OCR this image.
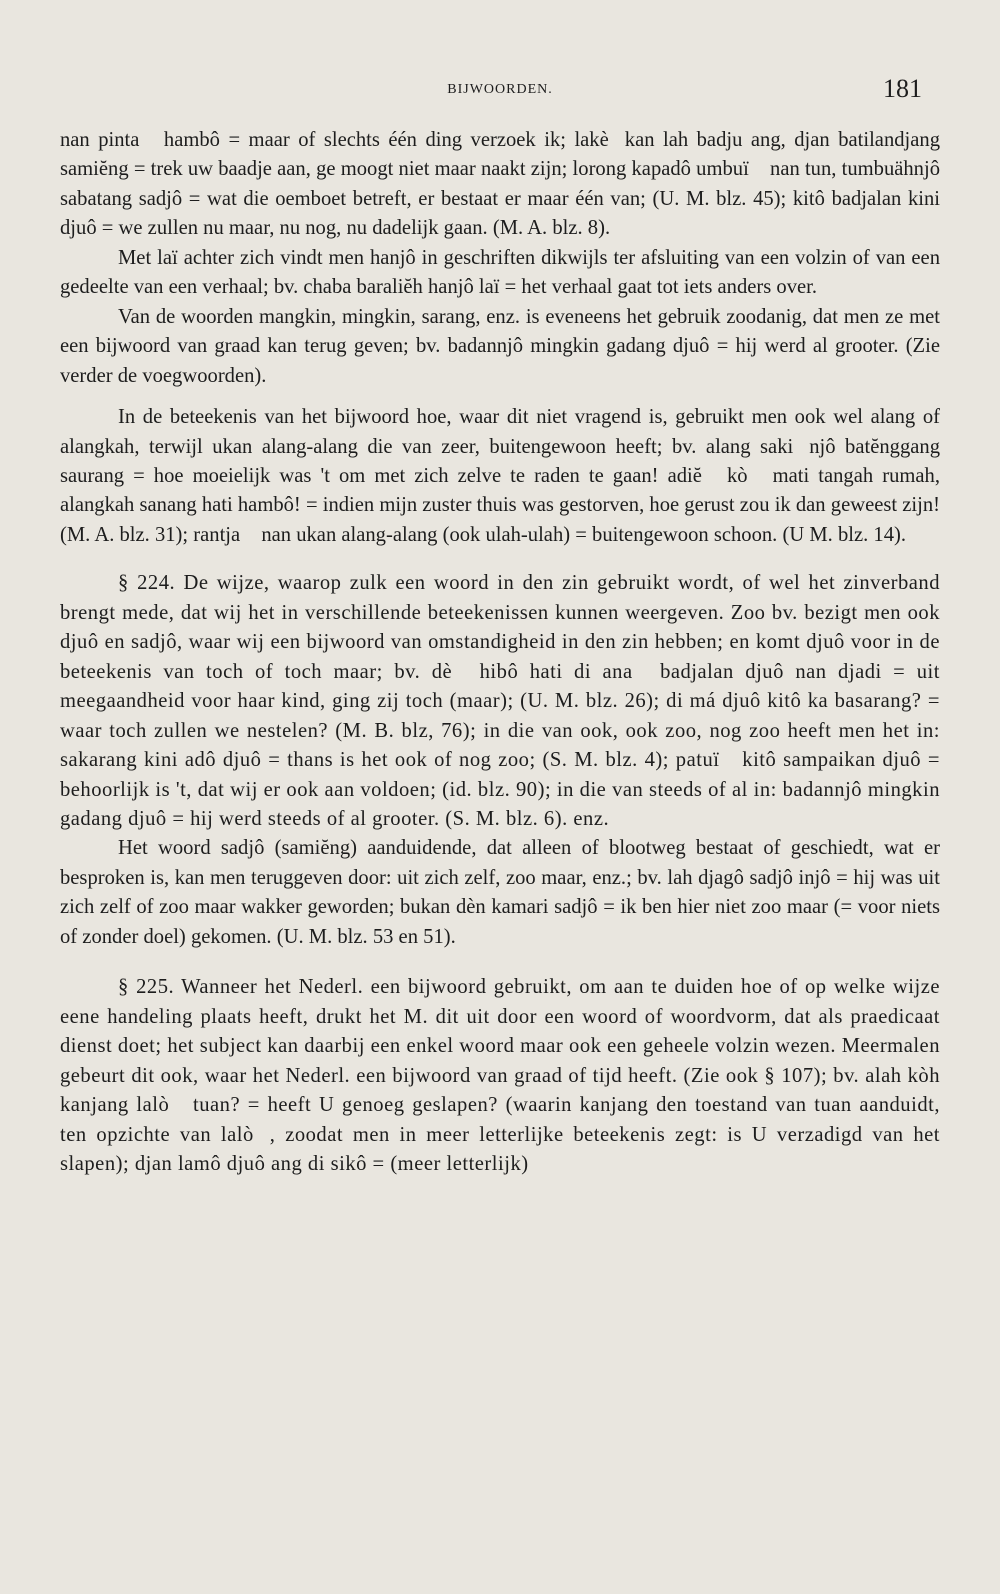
BIJWOORDEN.	181

nan pinta᷒ hambô = maar of slechts één ding verzoek ik; lakè᷒kan lah badju ang, djan batilandjang samiĕng = trek uw baadje aan, ge moogt niet maar naakt zijn; lorong kapadô umbuï᷒ nan tun, tumbuähnjô sabatang sadjô = wat die oemboet betreft, er bestaat er maar één van; (U. M. blz. 45); kitô badjalan kini djuô = we zullen nu maar, nu nog, nu dadelijk gaan. (M. A. blz. 8).

Met laï achter zich vindt men hanjô in geschriften dikwijls ter afsluiting van een volzin of van een gedeelte van een verhaal; bv. chaba baraliĕh hanjô laï = het verhaal gaat tot iets anders over.

Van de woorden mangkin, mingkin, sarang, enz. is eveneens het gebruik zoodanig, dat men ze met een bijwoord van graad kan terug geven; bv. badannjô mingkin gadang djuô = hij werd al grooter. (Zie verder de voegwoorden).

In de beteekenis van het bijwoord hoe, waar dit niet vragend is, gebruikt men ook wel alang of alangkah, terwijl ukan alang-alang die van zeer, buitengewoon heeft; bv. alang saki᷒njô batĕnggang saurang = hoe moeielijk was 't om met zich zelve te raden te gaan! adiĕ᷒ kò᷒ mati tangah rumah, alangkah sanang hati hambô! = indien mijn zuster thuis was gestorven, hoe gerust zou ik dan geweest zijn! (M. A. blz. 31); rantja᷒ nan ukan alang-alang (ook ulah-ulah) = buitengewoon schoon. (U M. blz. 14).

§ 224. De wijze, waarop zulk een woord in den zin gebruikt wordt, of wel het zinverband brengt mede, dat wij het in verschillende beteekenissen kunnen weergeven. Zoo bv. bezigt men ook djuô en sadjô, waar wij een bijwoord van omstandigheid in den zin hebben; en komt djuô voor in de beteekenis van toch of toch maar; bv. dè᷒ hibô hati di ana᷒ badjalan djuô nan djadi = uit meegaandheid voor haar kind, ging zij toch (maar); (U. M. blz. 26); di má djuô kitô ka basarang? = waar toch zullen we nestelen? (M. B. blz, 76); in die van ook, ook zoo, nog zoo heeft men het in: sakarang kini adô djuô = thans is het ook of nog zoo; (S. M. blz. 4); patuï᷒ kitô sampaikan djuô = behoorlijk is 't, dat wij er ook aan voldoen; (id. blz. 90); in die van steeds of al in: badannjô mingkin gadang djuô = hij werd steeds of al grooter. (S. M. blz. 6). enz.

Het woord sadjô (samiĕng) aanduidende, dat alleen of blootweg bestaat of geschiedt, wat er besproken is, kan men teruggeven door: uit zich zelf, zoo maar, enz.; bv. lah djagô sadjô injô = hij was uit zich zelf of zoo maar wakker geworden; bukan dèn kamari sadjô = ik ben hier niet zoo maar (= voor niets of zonder doel) gekomen. (U. M. blz. 53 en 51).

§ 225. Wanneer het Nederl. een bijwoord gebruikt, om aan te duiden hoe of op welke wijze eene handeling plaats heeft, drukt het M. dit uit door een woord of woordvorm, dat als praedicaat dienst doet; het subject kan daarbij een enkel woord maar ook een geheele volzin wezen. Meermalen gebeurt dit ook, waar het Nederl. een bijwoord van graad of tijd heeft. (Zie ook § 107); bv. alah kòh kanjang lalò᷒ tuan? = heeft U genoeg geslapen? (waarin kanjang den toestand van tuan aanduidt, ten opzichte van lalò᷒, zoodat men in meer letterlijke beteekenis zegt: is U verzadigd van het slapen); djan lamô djuô ang di sikô = (meer letterlijk)
